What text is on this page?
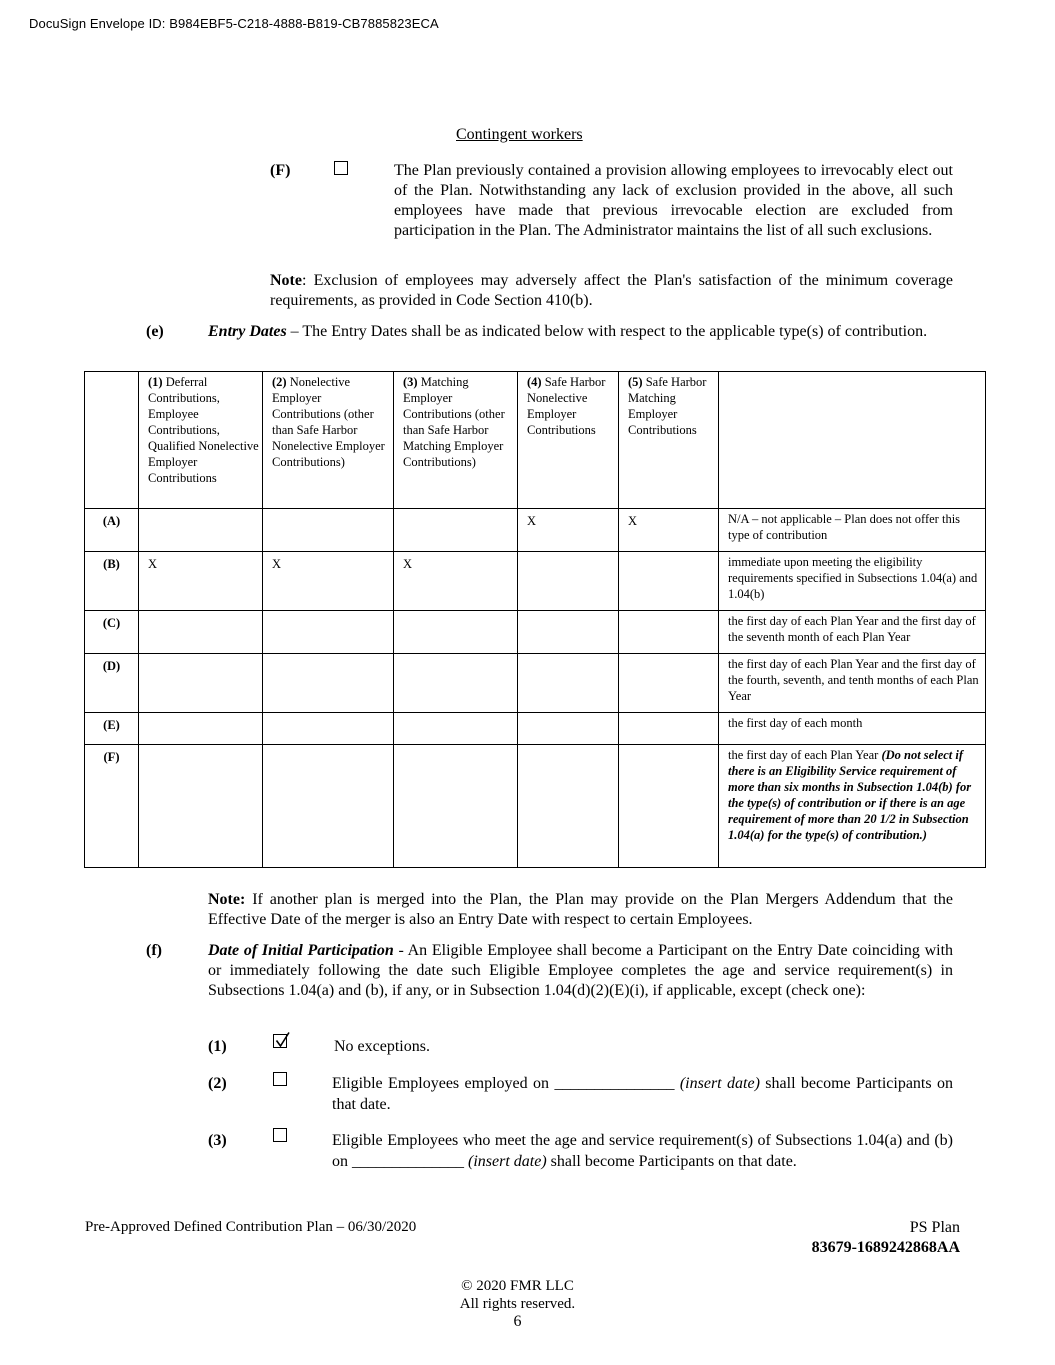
DocuSign Envelope ID: B984EBF5-C218-4888-B819-CB7885823ECA
Contingent workers
(F)	The Plan previously contained a provision allowing employees to irrevocably elect out of the Plan. Notwithstanding any lack of exclusion provided in the above, all such employees have made that previous irrevocable election are excluded from participation in the Plan. The Administrator maintains the list of all such exclusions.
Note: Exclusion of employees may adversely affect the Plan's satisfaction of the minimum coverage requirements, as provided in Code Section 410(b).
(e)	Entry Dates – The Entry Dates shall be as indicated below with respect to the applicable type(s) of contribution.
	(1) Deferral Contributions, Employee Contributions, Qualified Nonelective Employer Contributions	(2) Nonelective Employer Contributions (other than Safe Harbor Nonelective Employer Contributions)	(3) Matching Employer Contributions (other than Safe Harbor Matching Employer Contributions)	(4) Safe Harbor Nonelective Employer Contributions	(5) Safe Harbor Matching Employer Contributions	
(A)				X	X	N/A – not applicable – Plan does not offer this type of contribution
(B)	X	X	X			immediate upon meeting the eligibility requirements specified in Subsections 1.04(a) and 1.04(b)
(C)						the first day of each Plan Year and the first day of the seventh month of each Plan Year
(D)						the first day of each Plan Year and the first day of the fourth, seventh, and tenth months of each Plan Year
(E)						the first day of each month
(F)						the first day of each Plan Year (Do not select if there is an Eligibility Service requirement of more than six months in Subsection 1.04(b) for the type(s) of contribution or if there is an age requirement of more than 20 1/2 in Subsection 1.04(a) for the type(s) of contribution.)
Note: If another plan is merged into the Plan, the Plan may provide on the Plan Mergers Addendum that the Effective Date of the merger is also an Entry Date with respect to certain Employees.
(f)	Date of Initial Participation - An Eligible Employee shall become a Participant on the Entry Date coinciding with or immediately following the date such Eligible Employee completes the age and service requirement(s) in Subsections 1.04(a) and (b), if any, or in Subsection 1.04(d)(2)(E)(i), if applicable, except (check one):
(1)	No exceptions.
(2)	Eligible Employees employed on _______________ (insert date) shall become Participants on that date.
(3)	Eligible Employees who meet the age and service requirement(s) of Subsections 1.04(a) and (b) on ______________ (insert date) shall become Participants on that date.
Pre-Approved Defined Contribution Plan – 06/30/2020	PS Plan
83679-1689242868AA
© 2020 FMR LLC
All rights reserved.
6
